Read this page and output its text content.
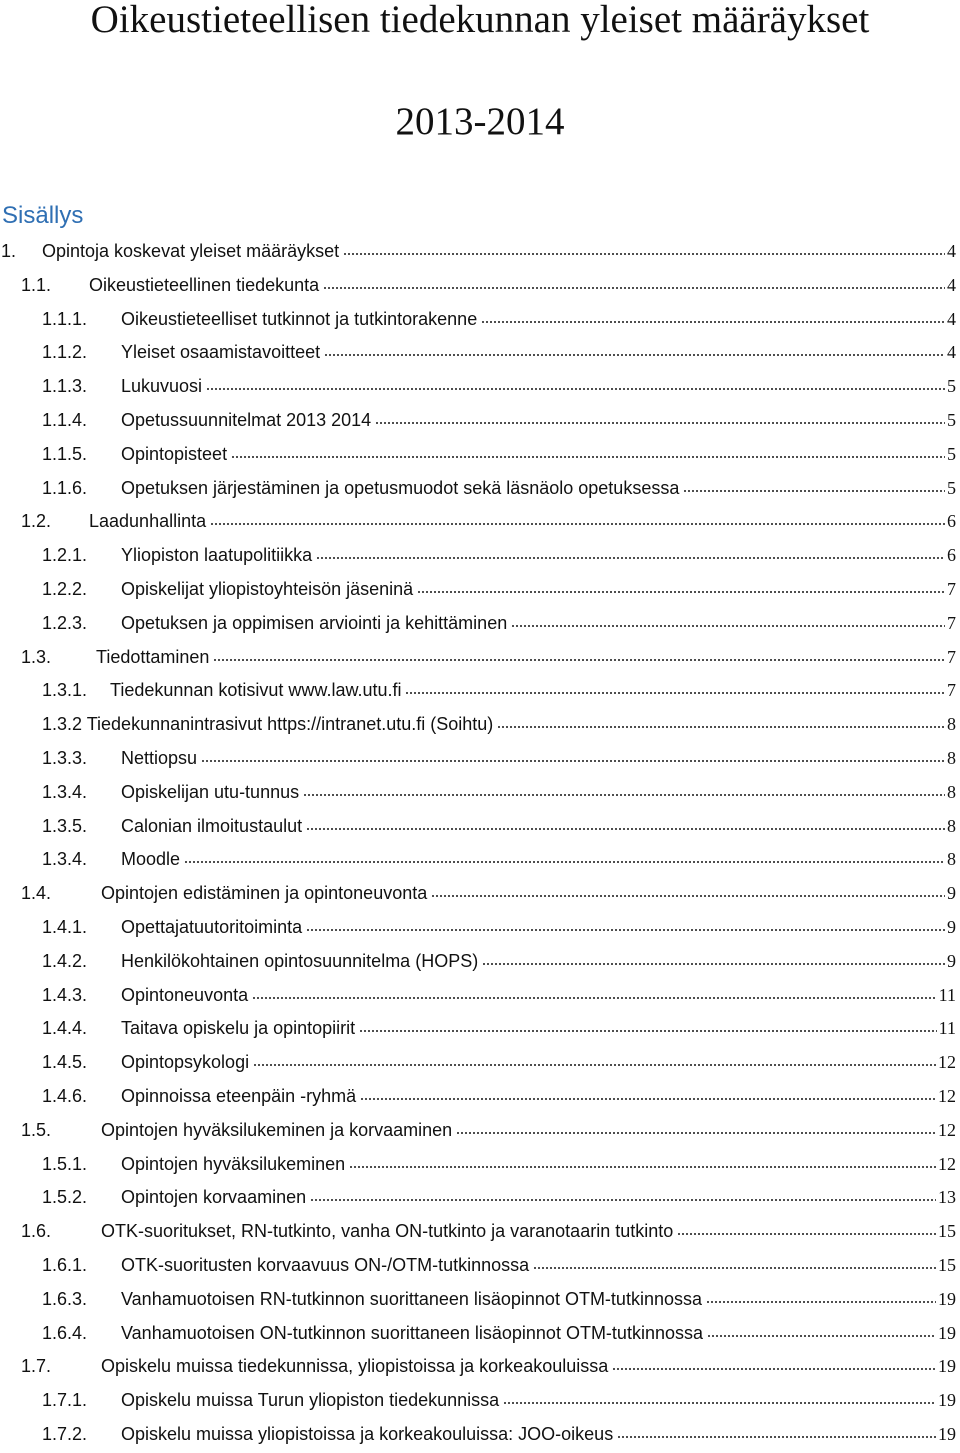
Oikeustieteellisen tiedekunnan yleiset määräykset
2013-2014
Sisällys
1. Opintoja koskevat yleiset määräykset	4
1.1. Oikeustieteellinen tiedekunta	4
1.1.1. Oikeustieteelliset tutkinnot ja tutkintorakenne	4
1.1.2. Yleiset osaamistavoitteet	4
1.1.3. Lukuvuosi	5
1.1.4. Opetussuunnitelmat 2013 2014	5
1.1.5. Opintopisteet	5
1.1.6. Opetuksen järjestäminen ja opetusmuodot sekä läsnäolo opetuksessa	5
1.2. Laadunhallinta	6
1.2.1. Yliopiston laatupolitiikka	6
1.2.2. Opiskelijat yliopistoyhteisön jäseninä	7
1.2.3. Opetuksen ja oppimisen arviointi ja kehittäminen	7
1.3. Tiedottaminen	7
1.3.1. Tiedekunnan kotisivut www.law.utu.fi	7
1.3.2 Tiedekunnanintrasivut https://intranet.utu.fi (Soihtu)	8
1.3.3. Nettiopsu	8
1.3.4. Opiskelijan utu-tunnus	8
1.3.5. Calonian ilmoitustaulut	8
1.3.4. Moodle	8
1.4.	Opintojen edistäminen ja opintoneuvonta	9
1.4.1. Opettajatuutoritoiminta	9
1.4.2. Henkilökohtainen opintosuunnitelma (HOPS)	9
1.4.3. Opintoneuvonta	11
1.4.4. Taitava opiskelu ja opintopiirit	11
1.4.5. Opintopsykologi	12
1.4.6. Opinnoissa eteenpäin -ryhmä	12
1.5.	Opintojen hyväksilukeminen ja korvaaminen	12
1.5.1. Opintojen hyväksilukeminen	12
1.5.2. Opintojen korvaaminen	13
1.6.	OTK-suoritukset, RN-tutkinto, vanha ON-tutkinto ja varanotaarin tutkinto	15
1.6.1. OTK-suoritusten korvaavuus ON-/OTM-tutkinnossa	15
1.6.3. Vanhamuotoisen RN-tutkinnon suorittaneen lisäopinnot OTM-tutkinnossa	19
1.6.4. Vanhamuotoisen ON-tutkinnon suorittaneen lisäopinnot OTM-tutkinnossa	19
1.7.	Opiskelu muissa tiedekunnissa, yliopistoissa ja korkeakouluissa	19
1.7.1. Opiskelu muissa Turun yliopiston tiedekunnissa	19
1.7.2. Opiskelu muissa yliopistoissa ja korkeakouluissa: JOO-oikeus	19
